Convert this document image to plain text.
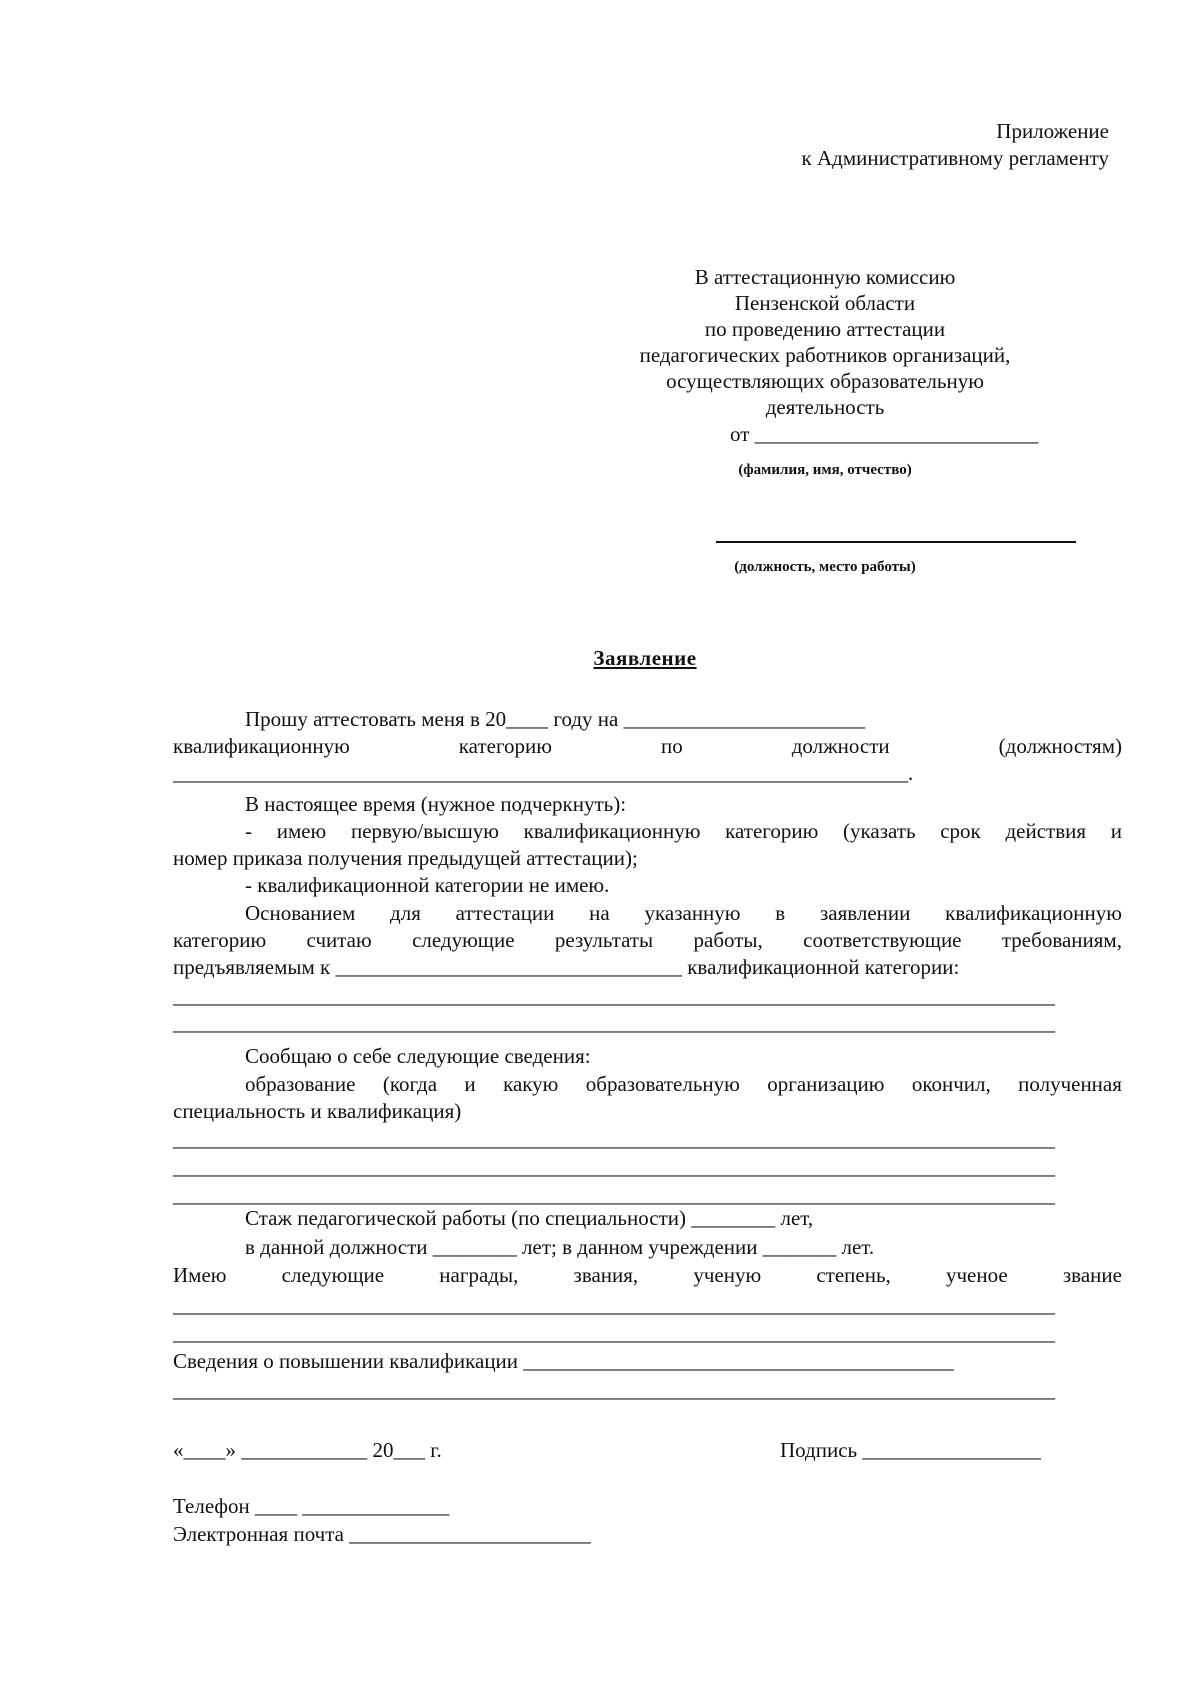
Приложение
к Административному регламенту
В аттестационную комиссию
Пензенской области
по проведению аттестации
педагогических работников организаций,
осуществляющих образовательную
деятельность
от ___________________________
(фамилия, имя, отчество)
(должность, место работы)
Заявление
Прошу аттестовать меня в 20____ году на _______________________
квалификационную	категорию	по	должности	(должностям)
______________________________________________________________________.
В настоящее время (нужное подчеркнуть):
- имею первую/высшую квалификационную категорию (указать срок действия и
номер приказа получения предыдущей аттестации);
- квалификационной категории не имею.
Основанием для аттестации на указанную в заявлении квалификационную
категорию считаю следующие результаты работы, соответствующие требованиям,
предъявляемым к _________________________________ квалификационной категории:
____________________________________________________________________________________
____________________________________________________________________________________
Сообщаю о себе следующие сведения:
образование (когда и какую образовательную организацию окончил, полученная
специальность и квалификация)
____________________________________________________________________________________
____________________________________________________________________________________
____________________________________________________________________________________
Стаж педагогической работы (по специальности) ________ лет,
в данной должности ________ лет; в данном учреждении _______ лет.
Имею	следующие	награды,	звания,	ученую	степень,	ученое	звание
____________________________________________________________________________________
____________________________________________________________________________________
Сведения о повышении квалификации _________________________________________
____________________________________________________________________________________
«____» ____________ 20___ г.	Подпись _________________
Телефон ____ ______________
Электронная почта _______________________
